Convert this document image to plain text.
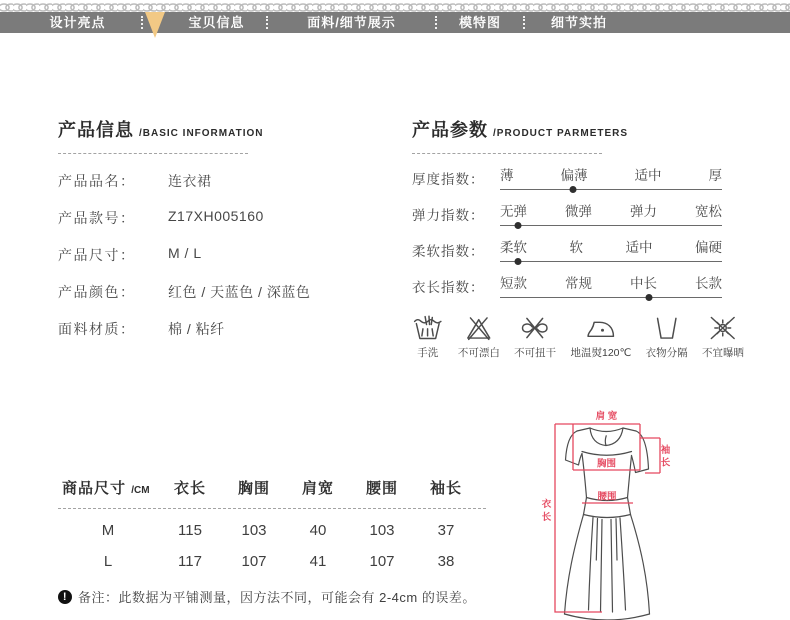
设计亮点	宝贝信息	面料/细节展示	模特图	细节实拍
产品信息 /BASIC INFORMATION
产品品名：	连衣裙
产品款号：	Z17XH005160
产品尺寸：	M / L
产品颜色：	红色 / 天蓝色 / 深蓝色
面料材质：	棉 / 粘纤
产品参数 /PRODUCT PARMETERS
厚度指数：	薄	偏薄	适中	厚
弹力指数：	无弹	微弹	弹力	宽松
柔软指数：	柔软	软	适中	偏硬
衣长指数：	短款	常规	中长	长款
手洗 不可漂白 不可扭干 地温熨120℃ 衣物分隔 不宜曝晒
商品尺寸 /CM	衣长	胸围	肩宽	腰围	袖长
M	115	103	40	103	37
L	117	107	41	107	38
! 备注：此数据为平铺测量，因方法不同，可能会有 2-4cm 的误差。
肩 宽
胸围
腰围
袖
长
衣
长
